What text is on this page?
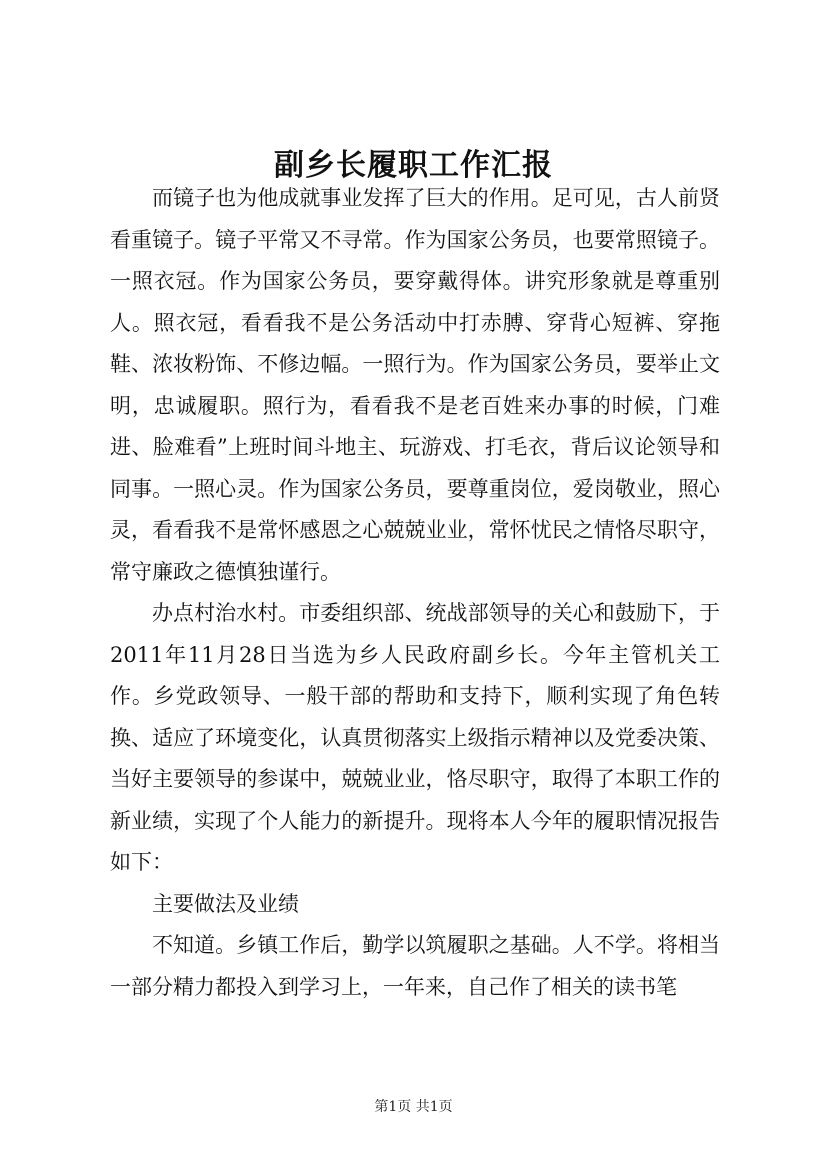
副乡长履职工作汇报

而镜子也为他成就事业发挥了巨大的作用。足可见，古人前贤看重镜子。镜子平常又不寻常。作为国家公务员，也要常照镜子。一照衣冠。作为国家公务员，要穿戴得体。讲究形象就是尊重别人。照衣冠，看看我不是公务活动中打赤膊、穿背心短裤、穿拖鞋、浓妆粉饰、不修边幅。一照行为。作为国家公务员，要举止文明，忠诚履职。照行为，看看我不是老百姓来办事的时候，门难进、脸难看”上班时间斗地主、玩游戏、打毛衣，背后议论领导和同事。一照心灵。作为国家公务员，要尊重岗位，爱岗敬业，照心灵，看看我不是常怀感恩之心兢兢业业，常怀忧民之情恪尽职守，常守廉政之德慎独谨行。

办点村治水村。市委组织部、统战部领导的关心和鼓励下，于2011年11月28日当选为乡人民政府副乡长。今年主管机关工作。乡党政领导、一般干部的帮助和支持下，顺利实现了角色转换、适应了环境变化，认真贯彻落实上级指示精神以及党委决策、当好主要领导的参谋中，兢兢业业，恪尽职守，取得了本职工作的新业绩，实现了个人能力的新提升。现将本人今年的履职情况报告如下：

主要做法及业绩

不知道。乡镇工作后，勤学以筑履职之基础。人不学。将相当一部分精力都投入到学习上，一年来，自己作了相关的读书笔

第1页 共1页
